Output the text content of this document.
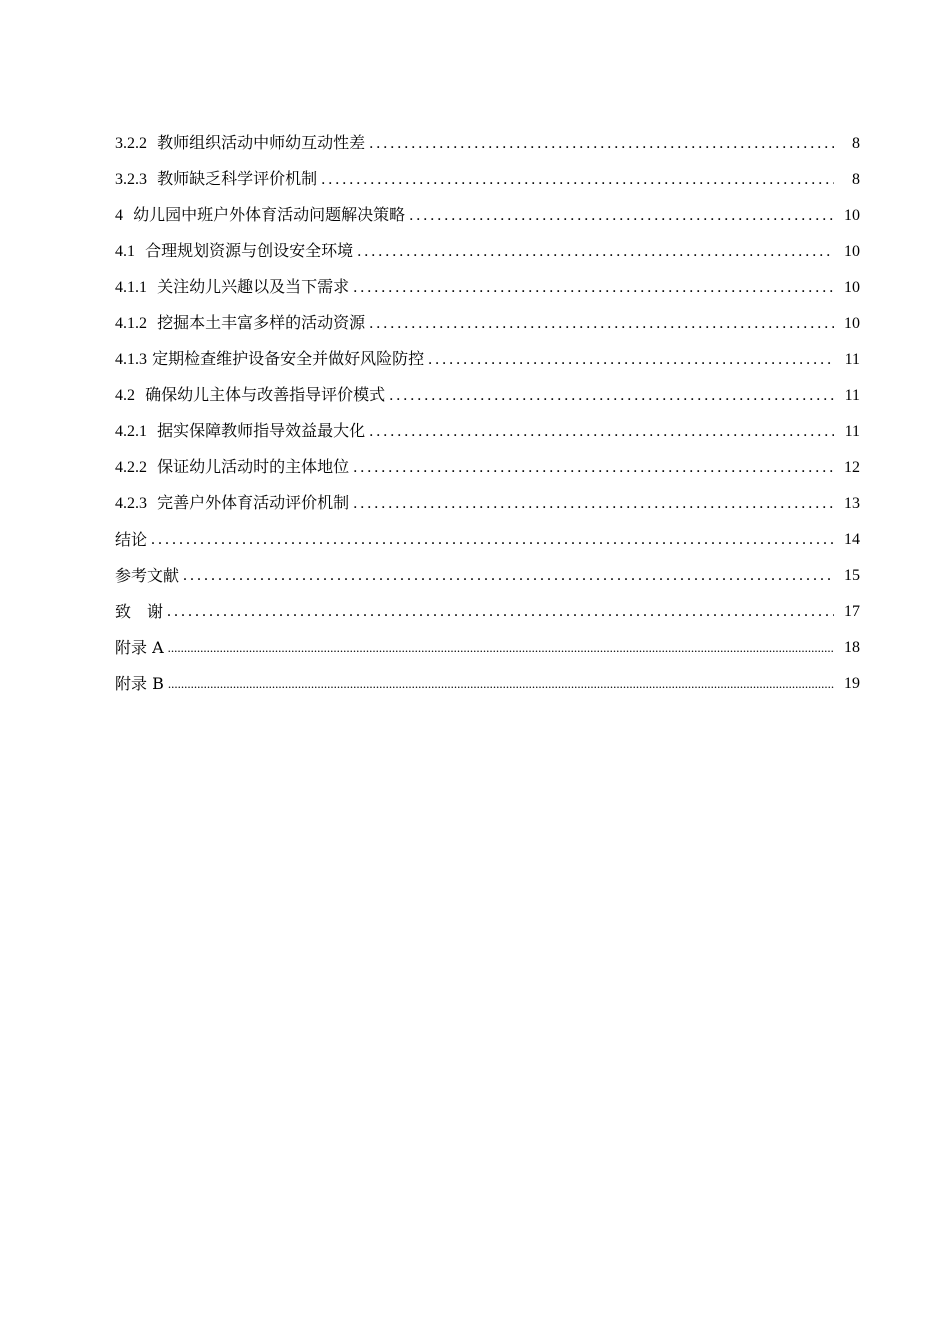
3.2.2 教师组织活动中师幼互动性差 .....	8
3.2.3 教师缺乏科学评价机制 .....	8
4 幼儿园中班户外体育活动问题解决策略 .....	10
4.1 合理规划资源与创设安全环境 .....	10
4.1.1 关注幼儿兴趣以及当下需求 .....	10
4.1.2 挖掘本土丰富多样的活动资源 .....	10
4.1.3 定期检查维护设备安全并做好风险防控 .....	11
4.2 确保幼儿主体与改善指导评价模式 .....	11
4.2.1 据实保障教师指导效益最大化 .....	11
4.2.2 保证幼儿活动时的主体地位 .....	12
4.2.3 完善户外体育活动评价机制 .....	13
结论 .....	14
参考文献 .....	15
致　谢 .....	17
附录 A .....	18
附录 B .....	19
